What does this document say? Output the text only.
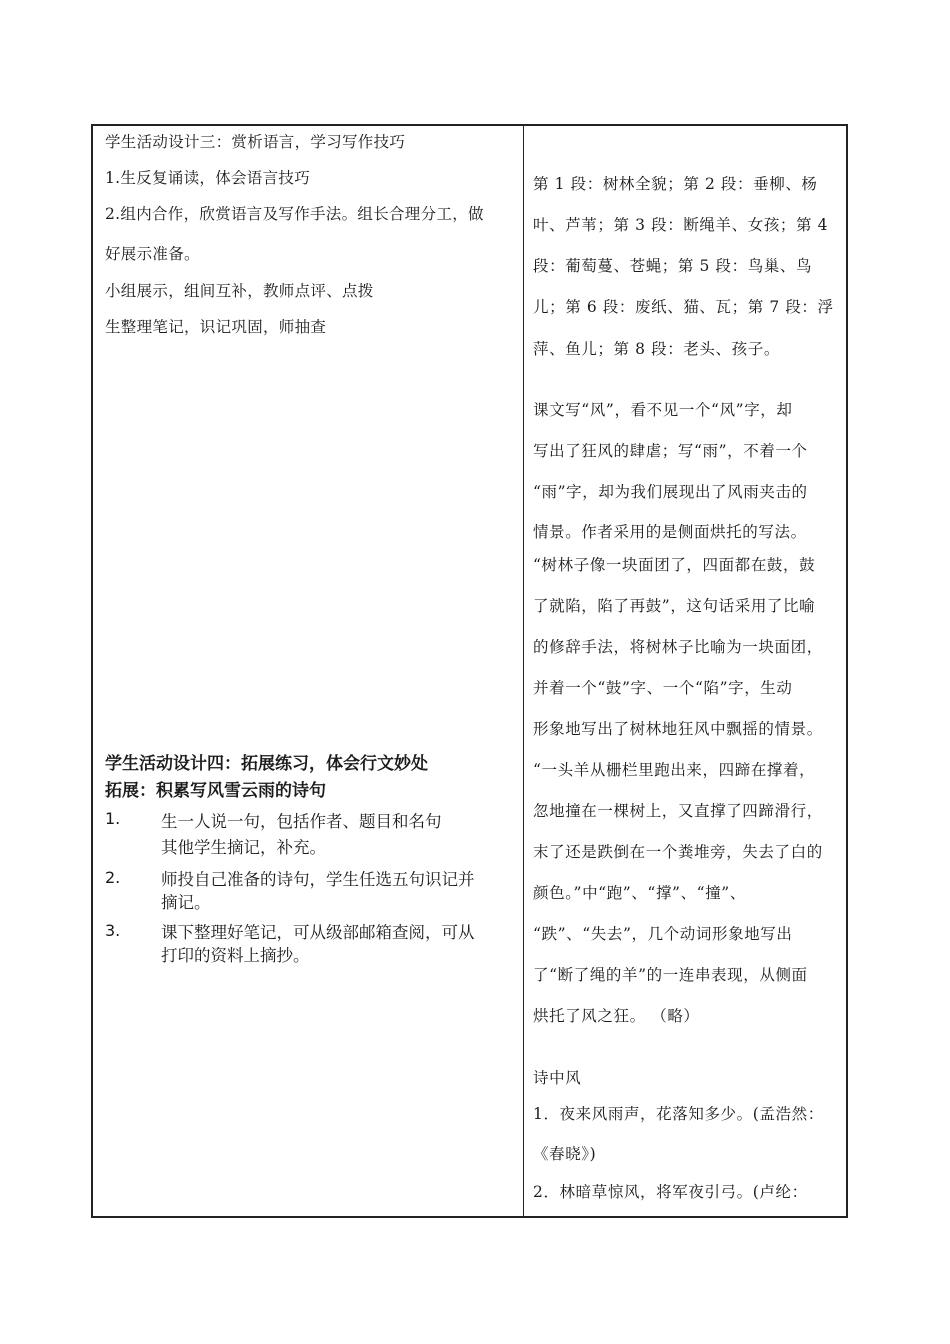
学生活动设计三：赏析语言，学习写作技巧
1.生反复诵读，体会语言技巧
2.组内合作，欣赏语言及写作手法。组长合理分工，做
好展示准备。
小组展示，组间互补，教师点评、点拨
生整理笔记，识记巩固，师抽查
学生活动设计四：拓展练习，体会行文妙处
拓展：积累写风雪云雨的诗句
1. 生一人说一句，包括作者、题目和名句
其他学生摘记，补充。
2. 师投自己准备的诗句，学生任选五句识记并
摘记。
3. 课下整理好笔记，可从级部邮箱查阅，可从
打印的资料上摘抄。
第 1 段：树林全貌；第 2 段：垂柳、杨
叶、芦苇；第 3 段：断绳羊、女孩；第 4
段：葡萄蔓、苍蝇；第 5 段：鸟巢、鸟
儿；第 6 段：废纸、猫、瓦；第 7 段：浮
萍、鱼儿；第 8 段：老头、孩子。
课文写“风”，看不见一个“风”字，却
写出了狂风的肆虐；写“雨”，不着一个
“雨”字，却为我们展现出了风雨夹击的
情景。作者采用的是侧面烘托的写法。
“树林子像一块面团了，四面都在鼓，鼓
了就陷，陷了再鼓”，这句话采用了比喻
的修辞手法，将树林子比喻为一块面团，
并着一个“鼓”字、一个“陷”字，生动
形象地写出了树林地狂风中飘摇的情景。
“一头羊从栅栏里跑出来，四蹄在撑着，
忽地撞在一棵树上，又直撑了四蹄滑行，
末了还是跌倒在一个粪堆旁，失去了白的
颜色。”中“跑”、“撑”、“撞”、
“跌”、“失去”，几个动词形象地写出
了“断了绳的羊”的一连串表现，从侧面
烘托了风之狂。 （略）
诗中风
1．夜来风雨声，花落知多少。(孟浩然：
《春晓》)
2．林暗草惊风，将军夜引弓。(卢纶：
